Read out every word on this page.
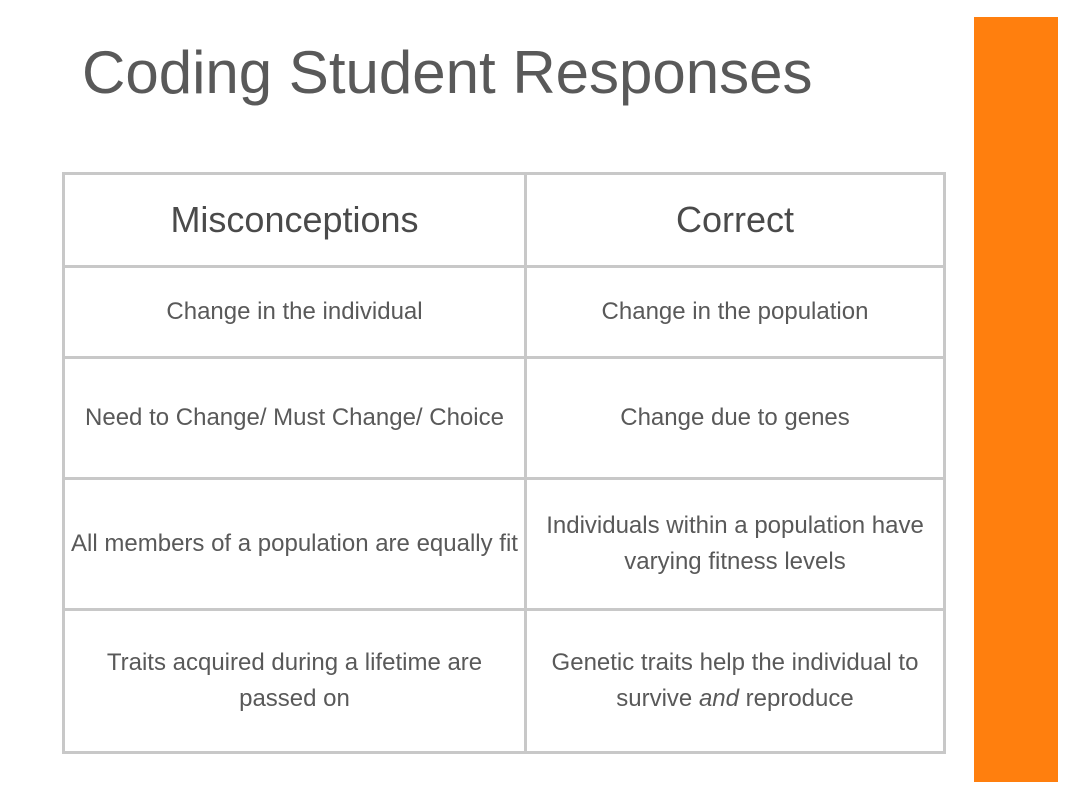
Coding Student Responses
Misconceptions	Correct
Change in the individual	Change in the population
Need to Change/ Must Change/ Choice	Change due to genes
All members of a population are equally fit	Individuals within a population have varying fitness levels
Traits acquired during a lifetime are passed on	Genetic traits help the individual to survive and reproduce
